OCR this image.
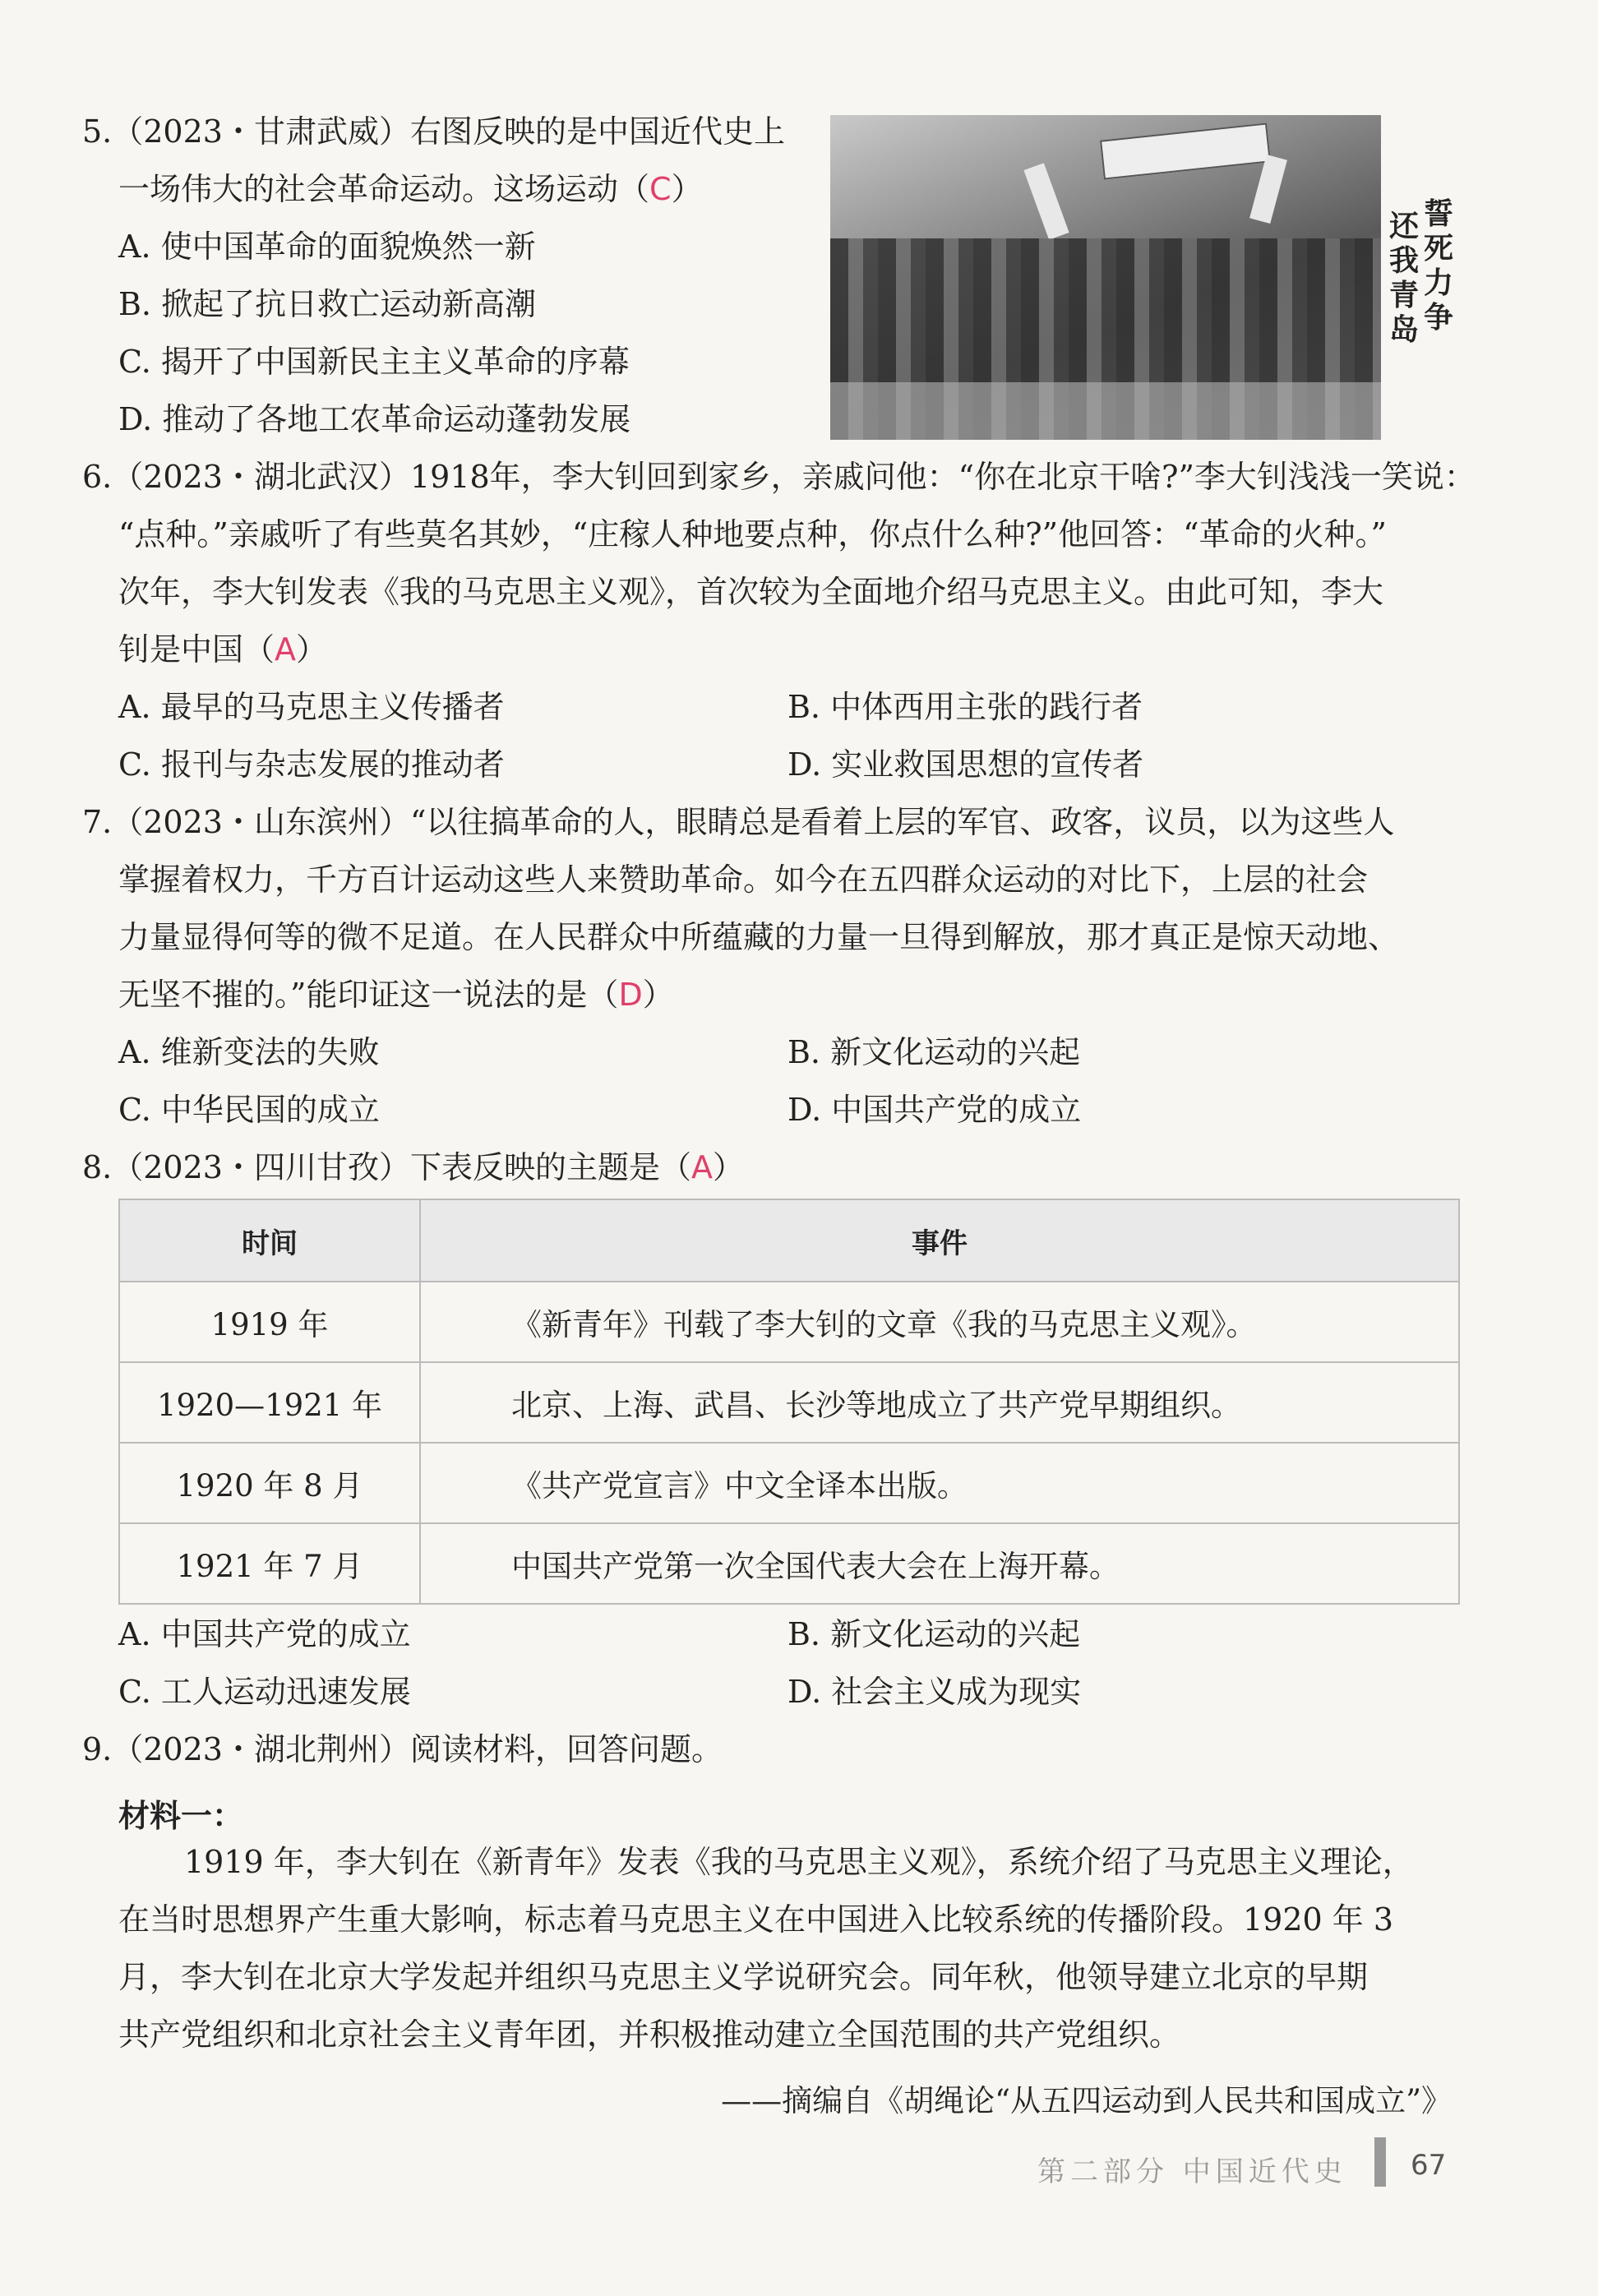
5.（2023・甘肃武威）右图反映的是中国近代史上
一场伟大的社会革命运动。这场运动（C）
A. 使中国革命的面貌焕然一新
B. 掀起了抗日救亡运动新高潮
C. 揭开了中国新民主主义革命的序幕
D. 推动了各地工农革命运动蓬勃发展
还我青岛
誓死力争
6.（2023・湖北武汉）1918年，李大钊回到家乡，亲戚问他：“你在北京干啥?”李大钊浅浅一笑说：
“点种。”亲戚听了有些莫名其妙，“庄稼人种地要点种，你点什么种?”他回答：“革命的火种。”
次年，李大钊发表《我的马克思主义观》，首次较为全面地介绍马克思主义。由此可知，李大
钊是中国（A）
A. 最早的马克思主义传播者	B. 中体西用主张的践行者
C. 报刊与杂志发展的推动者	D. 实业救国思想的宣传者
7.（2023・山东滨州）“以往搞革命的人，眼睛总是看着上层的军官、政客，议员，以为这些人
掌握着权力，千方百计运动这些人来赞助革命。如今在五四群众运动的对比下，上层的社会
力量显得何等的微不足道。在人民群众中所蕴藏的力量一旦得到解放，那才真正是惊天动地、
无坚不摧的。”能印证这一说法的是（D）
A. 维新变法的失败	B. 新文化运动的兴起
C. 中华民国的成立	D. 中国共产党的成立
8.（2023・四川甘孜）下表反映的主题是（A）
时间	事件
1919 年	《新青年》刊载了李大钊的文章《我的马克思主义观》。
1920—1921 年	北京、上海、武昌、长沙等地成立了共产党早期组织。
1920 年 8 月	《共产党宣言》中文全译本出版。
1921 年 7 月	中国共产党第一次全国代表大会在上海开幕。
A. 中国共产党的成立	B. 新文化运动的兴起
C. 工人运动迅速发展	D. 社会主义成为现实
9.（2023・湖北荆州）阅读材料，回答问题。
材料一：
1919 年，李大钊在《新青年》发表《我的马克思主义观》，系统介绍了马克思主义理论，
在当时思想界产生重大影响，标志着马克思主义在中国进入比较系统的传播阶段。1920 年 3
月，李大钊在北京大学发起并组织马克思主义学说研究会。同年秋，他领导建立北京的早期
共产党组织和北京社会主义青年团，并积极推动建立全国范围的共产党组织。
——摘编自《胡绳论“从五四运动到人民共和国成立”》
第二部分 中国近代史 67
